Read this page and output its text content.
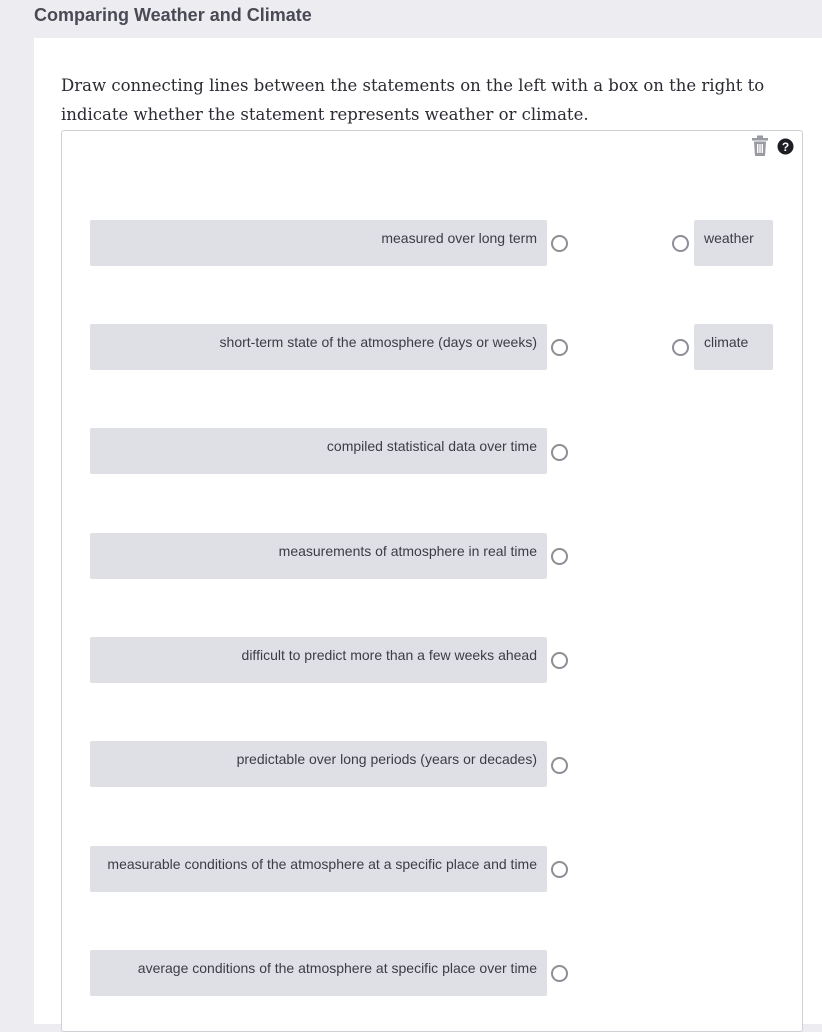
Comparing Weather and Climate

Draw connecting lines between the statements on the left with a box on the right to indicate whether the statement represents weather or climate.

?
measured over long term
short-term state of the atmosphere (days or weeks)
compiled statistical data over time
measurements of atmosphere in real time
difficult to predict more than a few weeks ahead
predictable over long periods (years or decades)
measurable conditions of the atmosphere at a specific place and time
average conditions of the atmosphere at specific place over time
weather
climate
